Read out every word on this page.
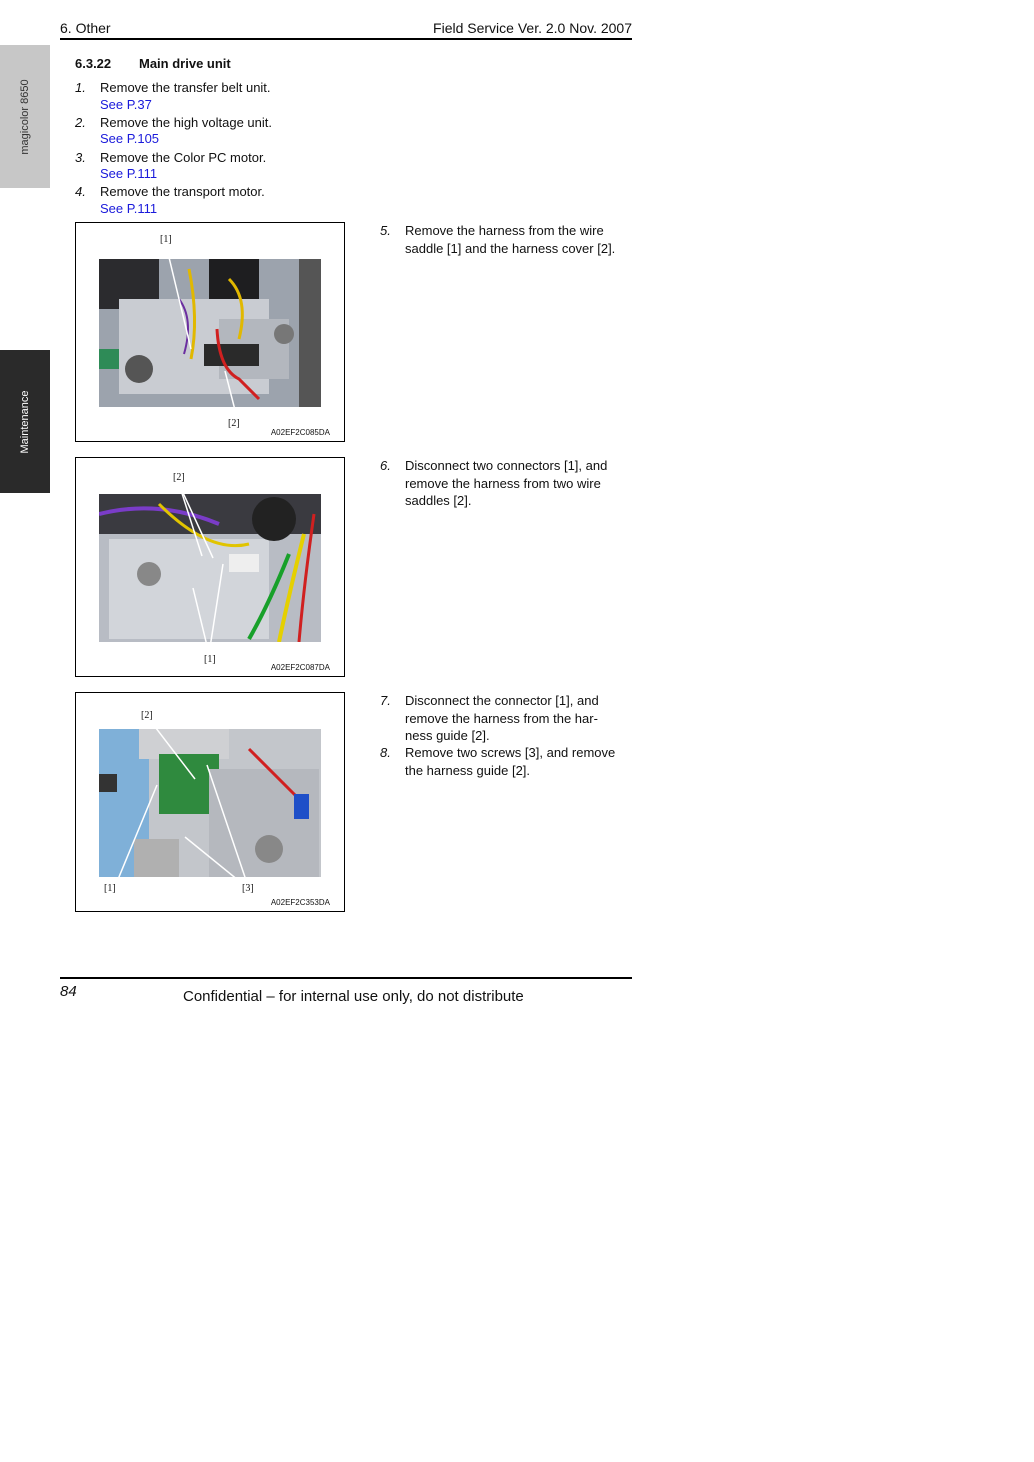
6. Other	Field Service Ver. 2.0 Nov. 2007
magicolor 8650
Maintenance
6.3.22 Main drive unit
1. Remove the transfer belt unit.
See P.37
2. Remove the high voltage unit.
See P.105
3. Remove the Color PC motor.
See P.111
4. Remove the transport motor.
See P.111
[1]
[2]
A02EF2C085DA
5. Remove the harness from the wire
saddle [1] and the harness cover [2].
[2]
[1]
A02EF2C087DA
6. Disconnect two connectors [1], and
remove the harness from two wire
saddles [2].
[2]
[1]	[3]
A02EF2C353DA
7. Disconnect the connector [1], and
remove the harness from the har-
ness guide [2].
8. Remove two screws [3], and remove
the harness guide [2].
84	Confidential – for internal use only, do not distribute
